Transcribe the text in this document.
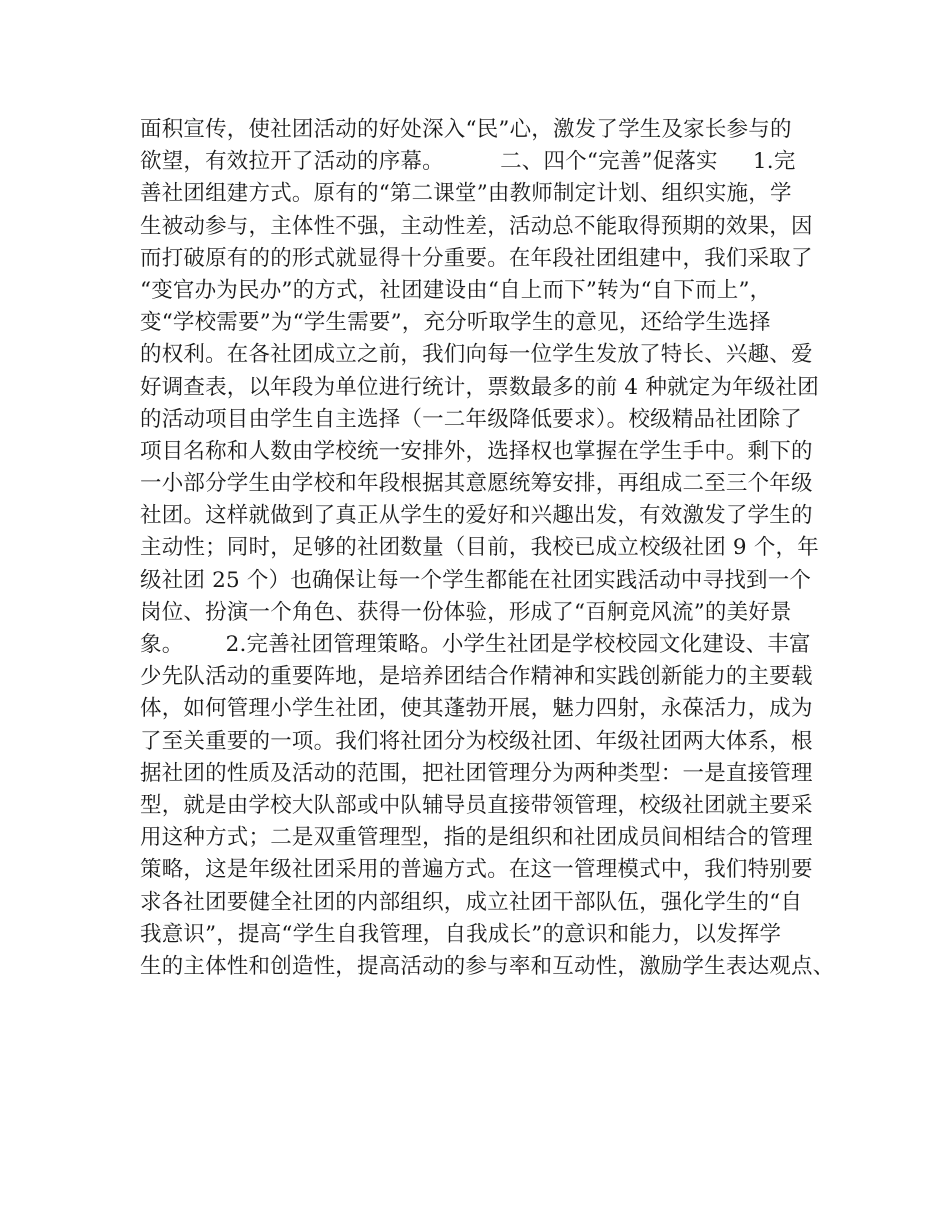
面积宣传，使社团活动的好处深入“民”心，激发了学生及家长参与的
欲望，有效拉开了活动的序幕。        二、四个“完善”促落实     1.完
善社团组建方式。原有的“第二课堂”由教师制定计划、组织实施，学
生被动参与，主体性不强，主动性差，活动总不能取得预期的效果，因
而打破原有的的形式就显得十分重要。在年段社团组建中，我们采取了
“变官办为民办”的方式，社团建设由“自上而下”转为“自下而上”，
变“学校需要”为“学生需要”，充分听取学生的意见，还给学生选择
的权利。在各社团成立之前，我们向每一位学生发放了特长、兴趣、爱
好调查表，以年段为单位进行统计，票数最多的前 4 种就定为年级社团
的活动项目由学生自主选择（一二年级降低要求）。校级精品社团除了
项目名称和人数由学校统一安排外，选择权也掌握在学生手中。剩下的
一小部分学生由学校和年段根据其意愿统筹安排，再组成二至三个年级
社团。这样就做到了真正从学生的爱好和兴趣出发，有效激发了学生的
主动性；同时，足够的社团数量（目前，我校已成立校级社团 9 个，年
级社团 25 个）也确保让每一个学生都能在社团实践活动中寻找到一个
岗位、扮演一个角色、获得一份体验，形成了“百舸竞风流”的美好景
象。      2.完善社团管理策略。小学生社团是学校校园文化建设、丰富
少先队活动的重要阵地，是培养团结合作精神和实践创新能力的主要载
体，如何管理小学生社团，使其蓬勃开展，魅力四射，永葆活力，成为
了至关重要的一项。我们将社团分为校级社团、年级社团两大体系，根
据社团的性质及活动的范围，把社团管理分为两种类型：一是直接管理
型，就是由学校大队部或中队辅导员直接带领管理，校级社团就主要采
用这种方式；二是双重管理型，指的是组织和社团成员间相结合的管理
策略，这是年级社团采用的普遍方式。在这一管理模式中，我们特别要
求各社团要健全社团的内部组织，成立社团干部队伍，强化学生的“自
我意识”，提高“学生自我管理，自我成长”的意识和能力，以发挥学
生的主体性和创造性，提高活动的参与率和互动性，激励学生表达观点、
